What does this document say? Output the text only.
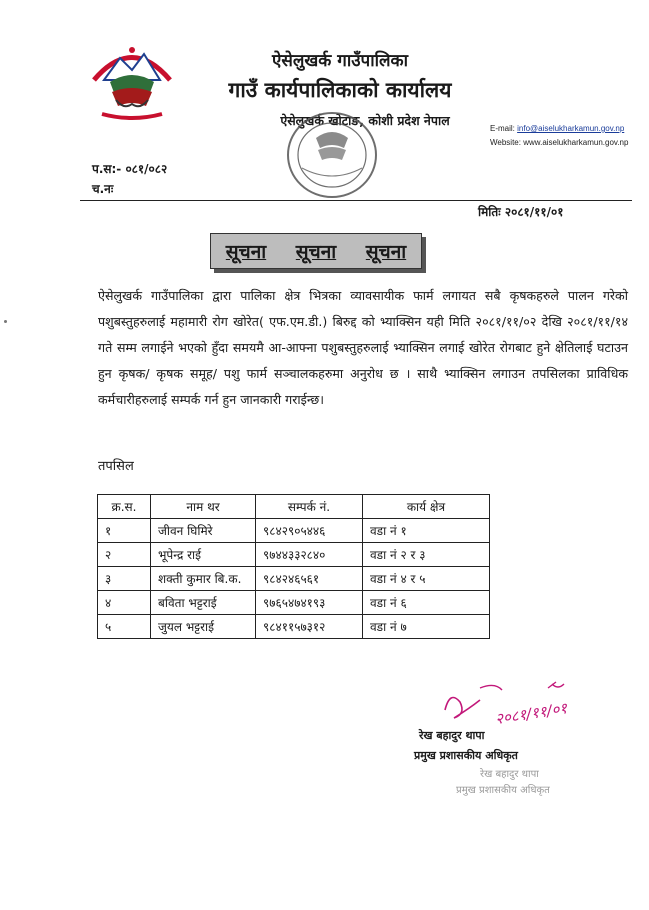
ऐसेलुखर्क गाउँपालिका
गाउँ कार्यपालिकाको कार्यालय
ऐसेलुखर्क खोटाङ, कोशी प्रदेश नेपाल
E-mail: info@aiselukharkamun.gov.np
Website: www.aiselukharkamun.gov.np
प.स:- ०८१/०८२
च.नः
मितिः २०८१/११/०१
सूचना सूचना सूचना
ऐसेलुखर्क गाउँपालिका द्वारा पालिका क्षेत्र भित्रका व्यावसायीक फार्म लगायत सबै कृषकहरुले पालन गरेको पशुबस्तुहरुलाई महामारी रोग खोरेत( एफ.एम.डी.) बिरुद्द को भ्याक्सिन यही मिति २०८१/११/०२ देखि २०८१/११/१४ गते सम्म लगाईने भएको हुँदा समयमै आ-आफ्ना पशुबस्तुहरुलाई भ्याक्सिन लगाई खोरेत रोगबाट हुने क्षेतिलाई घटाउन हुन कृषक/ कृषक समूह/ पशु फार्म सञ्चालकहरुमा अनुरोध छ । साथै भ्याक्सिन लगाउन तपसिलका प्राविधिक कर्मचारीहरुलाई सम्पर्क गर्न हुन जानकारी गराईन्छ।
तपसिल
क्र.स.	नाम थर	सम्पर्क नं.	कार्य क्षेत्र
१	जीवन घिमिरे	९८४२९०५४४६	वडा नं १
२	भूपेन्द्र राई	९७४४३३२८४०	वडा नं २ र ३
३	शक्ती कुमार बि.क.	९८४२४६५६१	वडा नं ४ र ५
४	बविता भट्टराई	९७६५४७४१९३	वडा नं ६
५	जुयल भट्टराई	९८४११५७३१२	वडा नं ७
२०८१/११/०१
रेख बहादुर थापा
प्रमुख प्रशासकीय अधिकृत
रेख बहादुर थापा
प्रमुख प्रशासकीय अधिकृत
